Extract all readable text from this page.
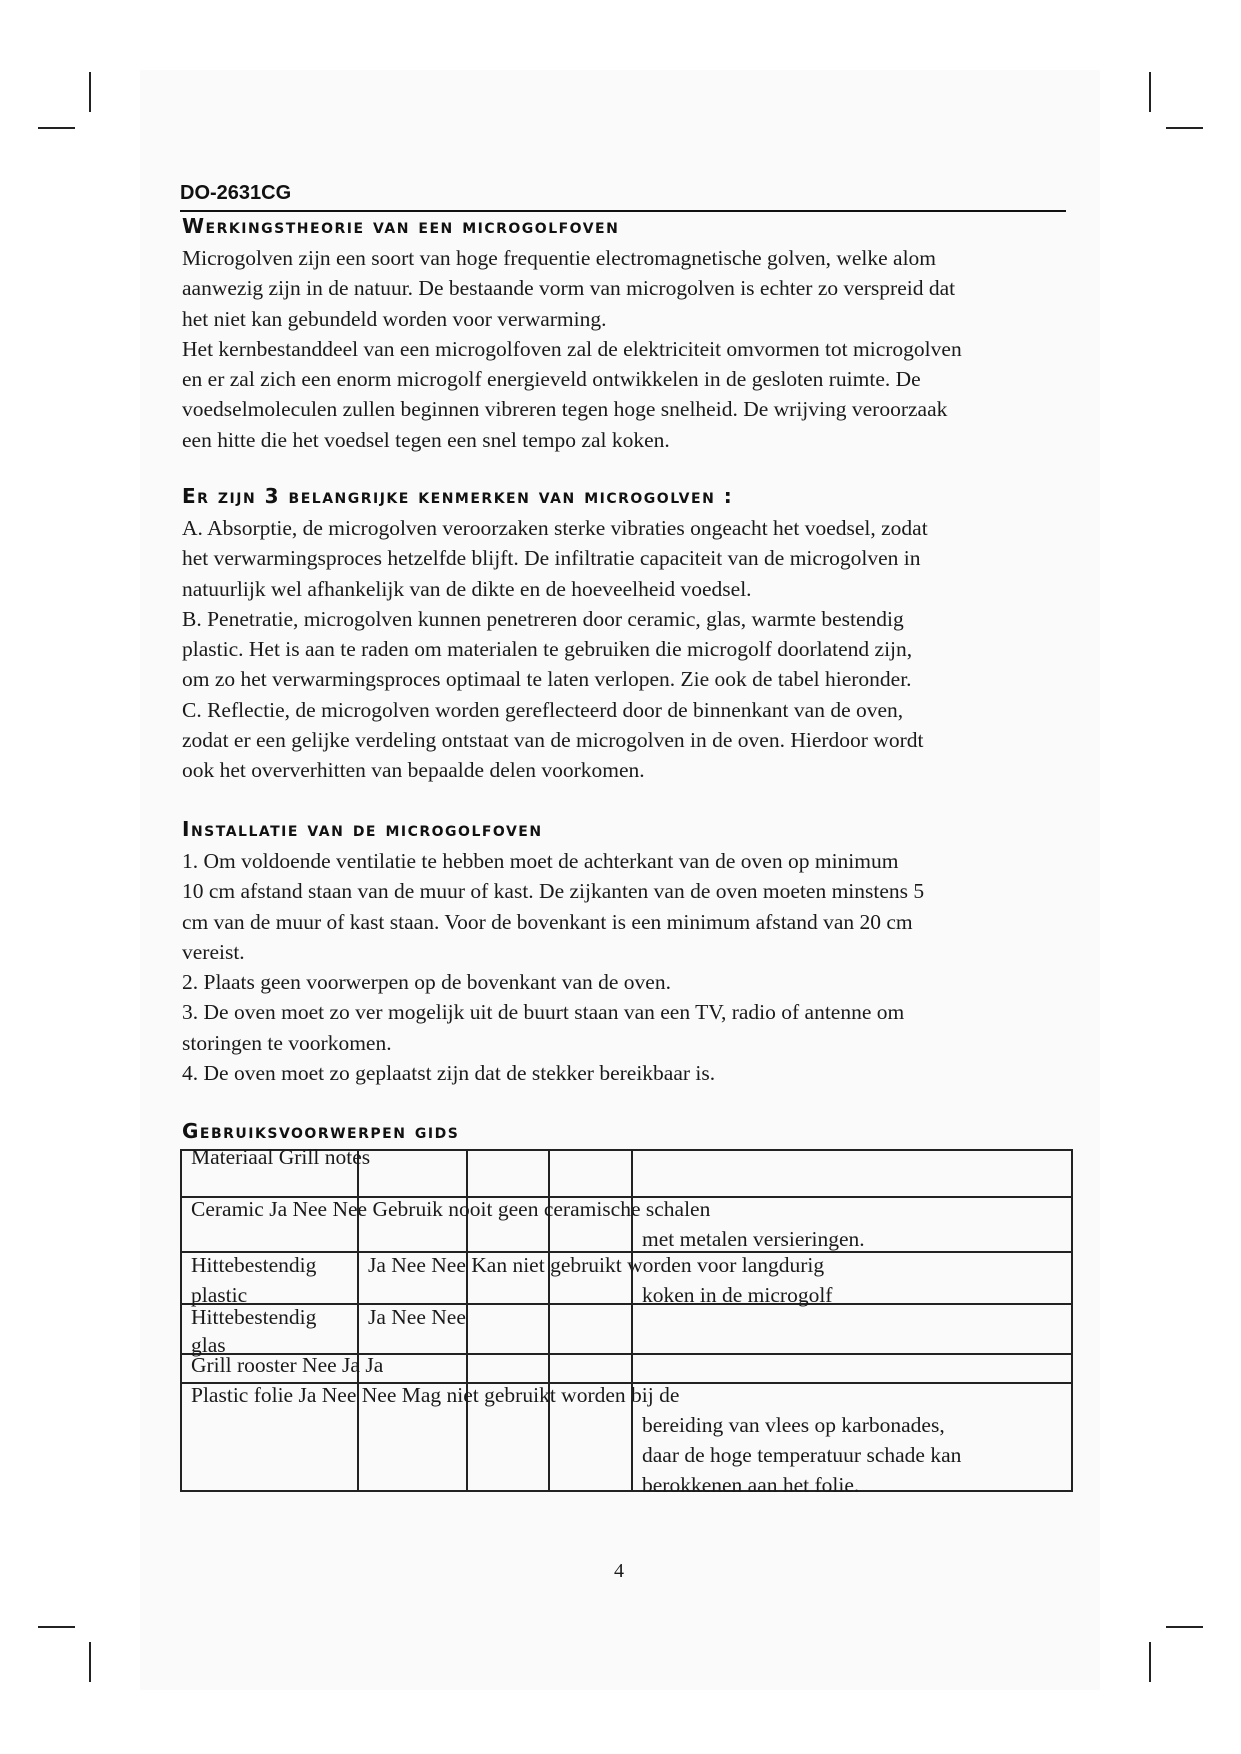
DO-2631CG
Werkingstheorie van een microgolfoven
Microgolven zijn een soort van hoge frequentie electromagnetische golven, welke alom
aanwezig zijn in de natuur. De bestaande vorm van microgolven is echter zo verspreid dat
het niet kan gebundeld worden voor verwarming.
Het kernbestanddeel van een microgolfoven zal de elektriciteit omvormen tot microgolven
en er zal zich een enorm microgolf energieveld ontwikkelen in de gesloten ruimte. De
voedselmoleculen zullen beginnen vibreren tegen hoge snelheid. De wrijving veroorzaak
een hitte die het voedsel tegen een snel tempo zal koken.
Er zijn 3 belangrijke kenmerken van microgolven :
A. Absorptie, de microgolven veroorzaken sterke vibraties ongeacht het voedsel, zodat
het verwarmingsproces hetzelfde blijft. De infiltratie capaciteit van de microgolven in
natuurlijk wel afhankelijk van de dikte en de hoeveelheid voedsel.
B. Penetratie, microgolven kunnen penetreren door ceramic, glas, warmte bestendig
plastic. Het is aan te raden om materialen te gebruiken die microgolf doorlatend zijn,
om zo het verwarmingsproces optimaal te laten verlopen. Zie ook de tabel hieronder.
C. Reflectie, de microgolven worden gereflecteerd door de binnenkant van de oven,
zodat er een gelijke verdeling ontstaat van de microgolven in de oven. Hierdoor wordt
ook het oververhitten van bepaalde delen voorkomen.
Installatie van de microgolfoven
1. Om voldoende ventilatie te hebben moet de achterkant van de oven op minimum
10 cm afstand staan van de muur of kast. De zijkanten van de oven moeten minstens 5
cm van de muur of kast staan. Voor de bovenkant is een minimum afstand van 20 cm
vereist.
2. Plaats geen voorwerpen op de bovenkant van de oven.
3. De oven moet zo ver mogelijk uit de buurt staan van een TV, radio of antenne om
storingen te voorkomen.
4. De oven moet zo geplaatst zijn dat de stekker bereikbaar is.
Gebruiksvoorwerpen gids
Materiaal Grill notes
Ceramic Ja Nee Nee Gebruik nooit geen ceramische schalen
met metalen versieringen.
Hittebestendig Ja Nee Nee Kan niet gebruikt worden voor langdurig
plastic	koken in de microgolf
Hittebestendig Ja Nee Nee
glas
Grill rooster Nee Ja Ja
Plastic folie Ja Nee Nee Mag niet gebruikt worden bij de
bereiding van vlees op karbonades,
daar de hoge temperatuur schade kan
berokkenen aan het folie.
4
